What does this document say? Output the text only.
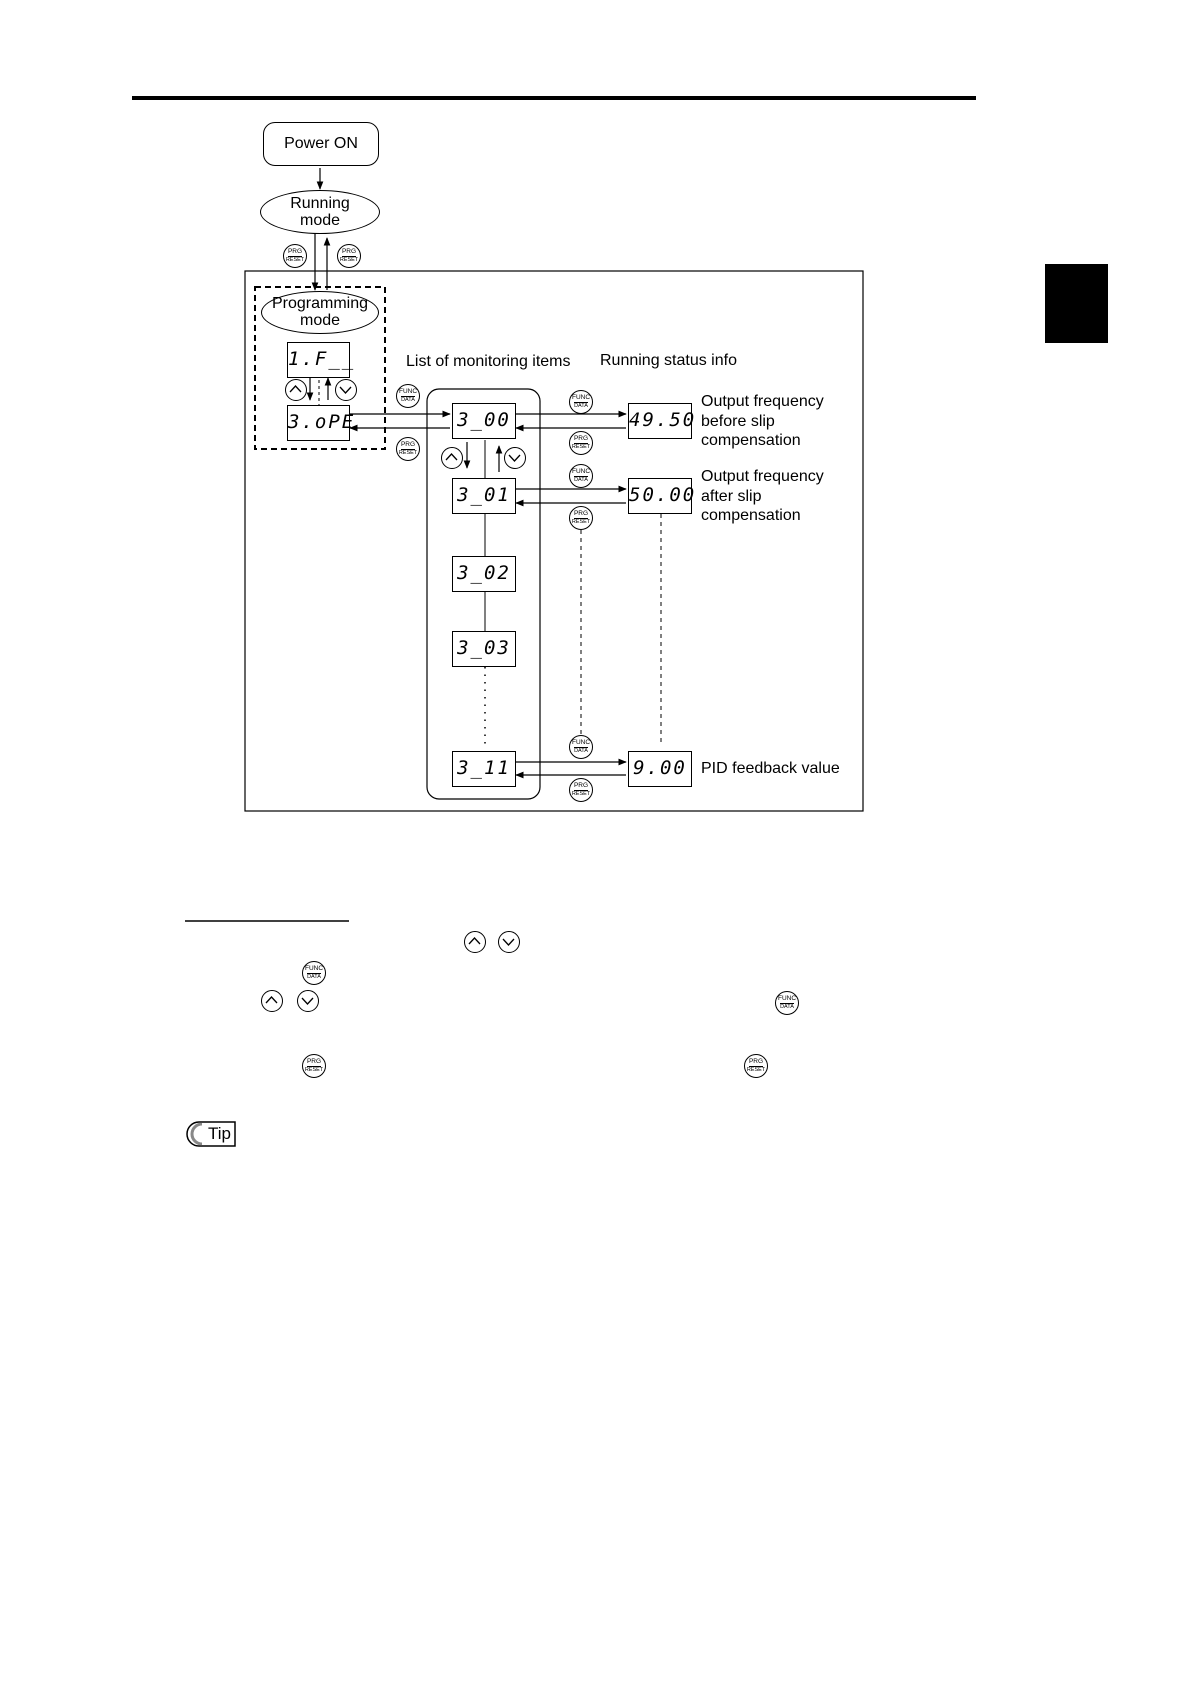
Power ON
Running
mode
PRG
RESET
PRG
RESET
Programming
mode
1.F__
3.oPE
List of monitoring items Running status info
FUNC
DATA
PRG
RESET
3_00
3_01
3_02
3_03
3_11
FUNC
DATA
PRG
RESET
FUNC
DATA
PRG
RESET
FUNC
DATA
PRG
RESET
49.50
50.00
9.00
Output frequency
before slip
compensation
Output frequency
after slip
compensation
PID feedback value
FUNC
DATA
FUNC
DATA
PRG
RESET
PRG
RESET
Tip
